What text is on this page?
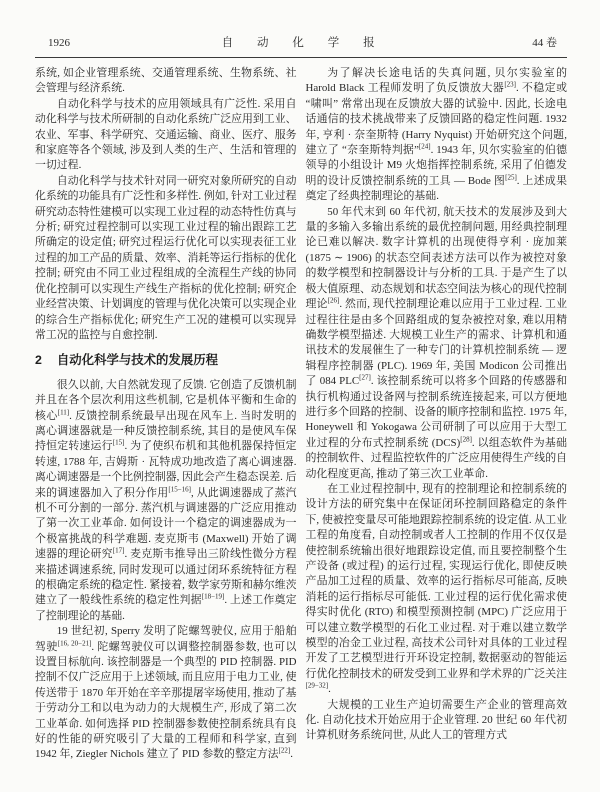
1926	自 动 化 学 报	44 卷

系统, 如企业管理系统、交通管理系统、生物系统、社会管理与经济系统.

自动化科学与技术的应用领域具有广泛性. 采用自动化科学与技术所研制的自动化系统广泛应用到工业、农业、军事、科学研究、交通运输、商业、医疗、服务和家庭等各个领域, 涉及到人类的生产、生活和管理的一切过程.

自动化科学与技术针对同一研究对象所研究的自动化系统的功能具有广泛性和多样性. 例如, 针对工业过程研究动态特性建模可以实现工业过程的动态特性仿真与分析; 研究过程控制可以实现工业过程的输出跟踪工艺所确定的设定值; 研究过程运行优化可以实现表征工业过程的加工产品的质量、效率、消耗等运行指标的优化控制; 研究由不同工业过程组成的全流程生产线的协同优化控制可以实现生产线生产指标的优化控制; 研究企业经营决策、计划调度的管理与优化决策可以实现企业的综合生产指标优化; 研究生产工况的建模可以实现异常工况的监控与自愈控制.

2 自动化科学与技术的发展历程

很久以前, 大自然就发现了反馈. 它创造了反馈机制并且在各个层次利用这些机制, 它是机体平衡和生命的核心[11]. 反馈控制系统最早出现在风车上. 当时发明的离心调速器就是一种反馈控制系统, 其目的是使风车保持恒定转速运行[15]. 为了使织布机和其他机器保持恒定转速, 1788 年, 吉姆斯 · 瓦特成功地改造了离心调速器. 离心调速器是一个比例控制器, 因此会产生稳态误差. 后来的调速器加入了积分作用[15−16], 从此调速器成了蒸汽机不可分割的一部分. 蒸汽机与调速器的广泛应用推动了第一次工业革命. 如何设计一个稳定的调速器成为一个极富挑战的科学难题. 麦克斯韦 (Maxwell) 开始了调速器的理论研究[17]. 麦克斯韦推导出三阶线性微分方程来描述调速系统, 同时发现可以通过闭环系统特征方程的根确定系统的稳定性. 紧接着, 数学家劳斯和赫尔维茨建立了一般线性系统的稳定性判据[18−19]. 上述工作奠定了控制理论的基础.

19 世纪初, Sperry 发明了陀螺驾驶仪, 应用于船舶驾驶[16, 20−21]. 陀螺驾驶仪可以调整控制器参数, 也可以设置目标航向. 该控制器是一个典型的 PID 控制器. PID 控制不仅广泛应用于上述领域, 而且应用于电力工业, 使传送带于 1870 年开始在辛辛那提屠宰场使用, 推动了基于劳动分工和以电为动力的大规模生产, 形成了第二次工业革命. 如何选择 PID 控制器参数使控制系统具有良好的性能的研究吸引了大量的工程师和科学家, 直到 1942 年, Ziegler Nichols 建立了 PID 参数的整定方法[22].

为了解决长途电话的失真问题, 贝尔实验室的 Harold Black 工程师发明了负反馈放大器[23]. 不稳定或 “啸叫” 常常出现在反馈放大器的试验中. 因此, 长途电话通信的技术挑战带来了反馈回路的稳定性问题. 1932 年, 亨利 · 奈奎斯特 (Harry Nyquist) 开始研究这个问题, 建立了 “奈奎斯特判据”[24]. 1943 年, 贝尔实验室的伯德领导的小组设计 M9 火炮指挥控制系统, 采用了伯德发明的设计反馈控制系统的工具 — Bode 图[25]. 上述成果奠定了经典控制理论的基础.

50 年代末到 60 年代初, 航天技术的发展涉及到大量的多输入多输出系统的最优控制问题, 用经典控制理论已难以解决. 数字计算机的出现使得亨利 · 庞加莱 (1875 ∼ 1906) 的状态空间表述方法可以作为被控对象的数学模型和控制器设计与分析的工具. 于是产生了以极大值原理、动态规划和状态空间法为核心的现代控制理论[26]. 然而, 现代控制理论难以应用于工业过程. 工业过程往往是由多个回路组成的复杂被控对象, 难以用精确数学模型描述. 大规模工业生产的需求、计算机和通讯技术的发展催生了一种专门的计算机控制系统 — 逻辑程序控制器 (PLC). 1969 年, 美国 Modicon 公司推出了 084 PLC[27]. 该控制系统可以将多个回路的传感器和执行机构通过设备网与控制系统连接起来, 可以方便地进行多个回路的控制、设备的顺序控制和监控. 1975 年, Honeywell 和 Yokogawa 公司研制了可以应用于大型工业过程的分布式控制系统 (DCS)[28]. 以组态软件为基础的控制软件、过程监控软件的广泛应用使得生产线的自动化程度更高, 推动了第三次工业革命.

在工业过程控制中, 现有的控制理论和控制系统的设计方法的研究集中在保证闭环控制回路稳定的条件下, 使被控变量尽可能地跟踪控制系统的设定值. 从工业工程的角度看, 自动控制或者人工控制的作用不仅仅是使控制系统输出很好地跟踪设定值, 而且要控制整个生产设备 (或过程) 的运行过程, 实现运行优化, 即使反映产品加工过程的质量、效率的运行指标尽可能高, 反映消耗的运行指标尽可能低. 工业过程的运行优化需求使得实时优化 (RTO) 和模型预测控制 (MPC) 广泛应用于可以建立数学模型的石化工业过程. 对于难以建立数学模型的冶金工业过程, 高技术公司针对具体的工业过程开发了工艺模型进行开环设定控制, 数据驱动的智能运行优化控制技术的研发受到工业界和学术界的广泛关注[29−32].

大规模的工业生产迫切需要生产企业的管理高效化. 自动化技术开始应用于企业管理. 20 世纪 60 年代初计算机财务系统问世, 从此人工的管理方式
